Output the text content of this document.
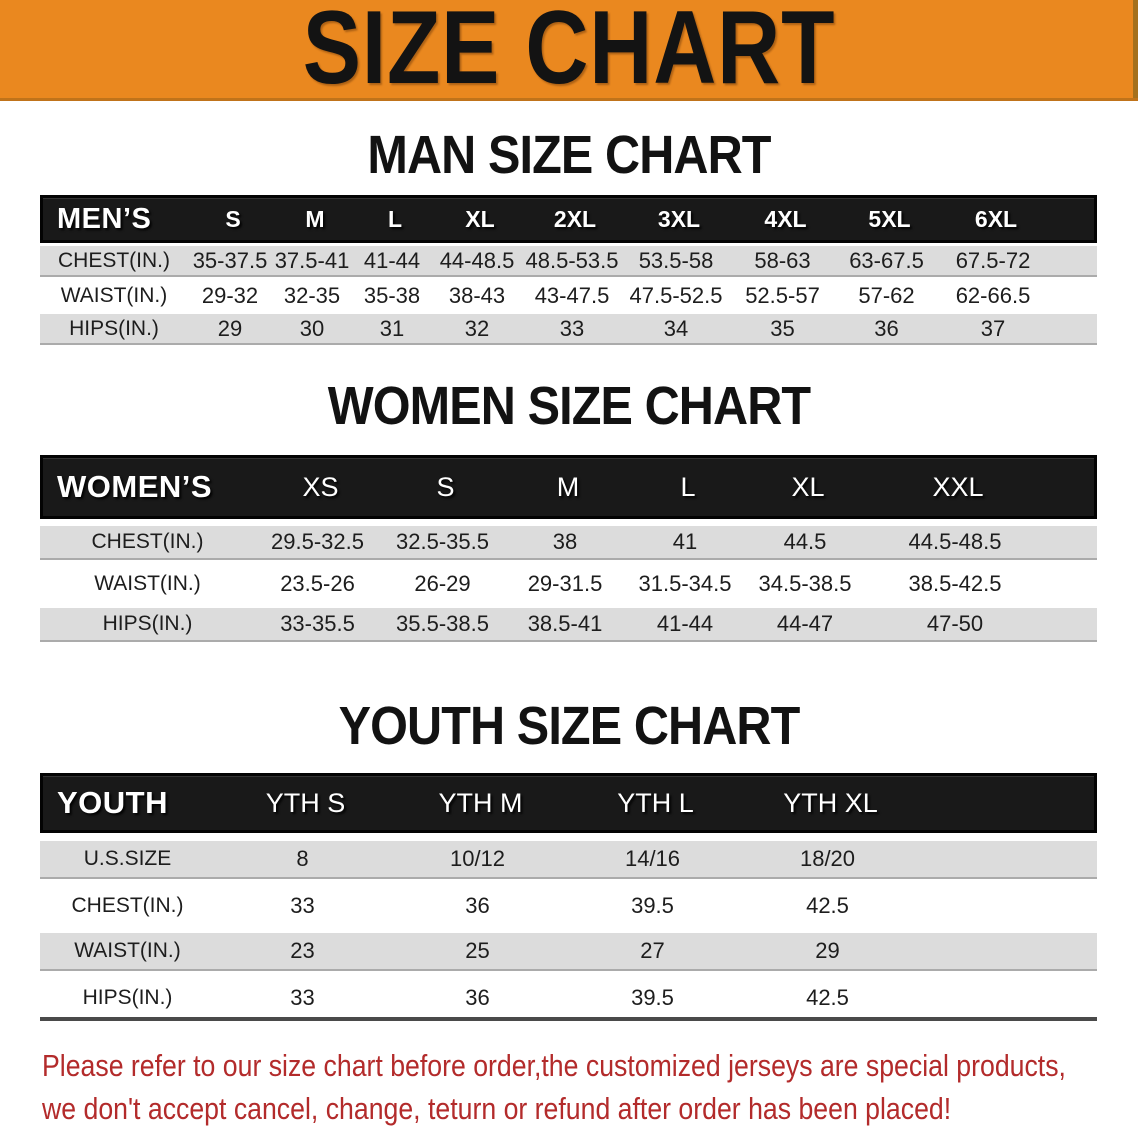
SIZE CHART
MAN SIZE CHART
MEN’S	S	M	L	XL	2XL	3XL	4XL	5XL	6XL
CHEST(IN.)	35-37.5 37.5-41 41-44 44-48.5 48.5-53.5 53.5-58	58-63	63-67.5	67.5-72
WAIST(IN.)	29-32	32-35	35-38	38-43	43-47.5 47.5-52.5	52.5-57	57-62	62-66.5
HIPS(IN.)	29	30	31	32	33	34	35	36	37
WOMEN SIZE CHART
WOMEN’S	XS	S	M	L	XL	XXL
CHEST(IN.)	29.5-32.5	32.5-35.5	38	41	44.5	44.5-48.5
WAIST(IN.)	23.5-26	26-29	29-31.5	31.5-34.5	34.5-38.5	38.5-42.5
HIPS(IN.)	33-35.5	35.5-38.5	38.5-41	41-44	44-47	47-50
YOUTH SIZE CHART
YOUTH	YTH S	YTH M	YTH L	YTH XL
U.S.SIZE	8	10/12	14/16	18/20
CHEST(IN.)	33	36	39.5	42.5
WAIST(IN.)	23	25	27	29
HIPS(IN.)	33	36	39.5	42.5
Please refer to our size chart before order,the customized jerseys are special products,
we don't accept cancel, change, teturn or refund after order has been placed!
